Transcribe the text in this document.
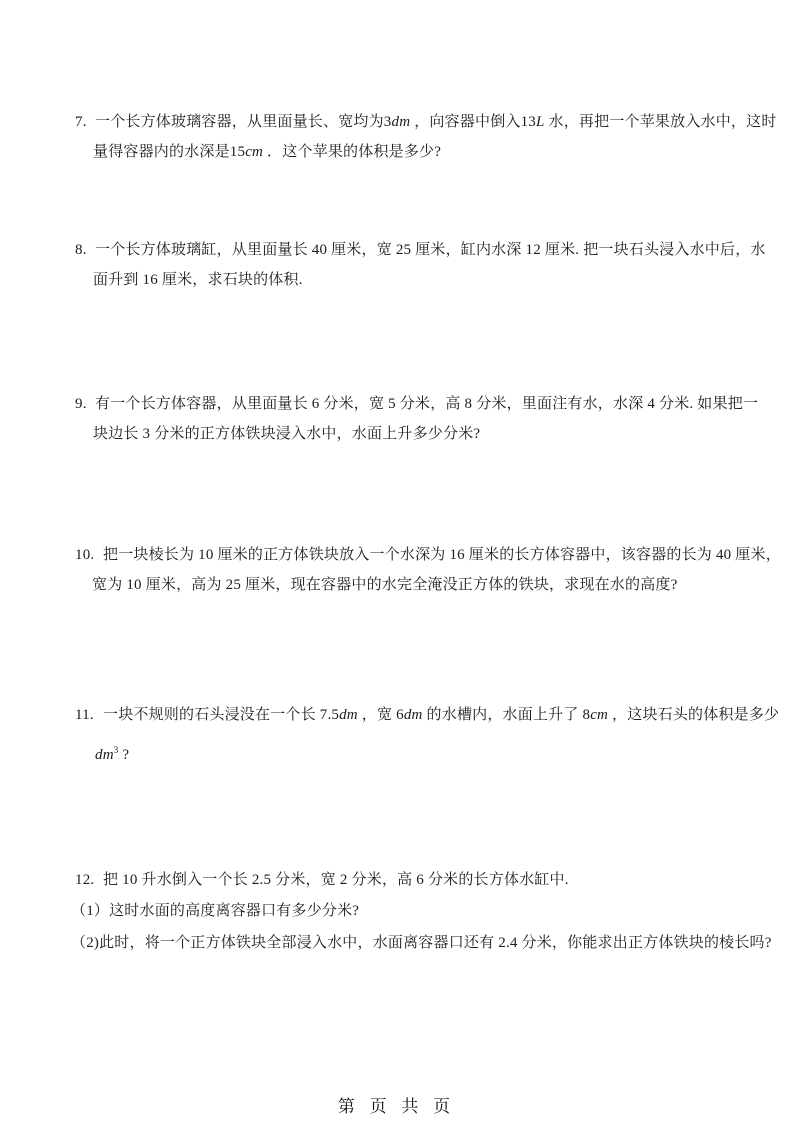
7. 一个长方体玻璃容器，从里面量长、宽均为3dm ，向容器中倒入13L 水，再把一个苹果放入水中，这时
量得容器内的水深是15cm ．这个苹果的体积是多少?
8. 一个长方体玻璃缸，从里面量长 40 厘米，宽 25 厘米，缸内水深 12 厘米. 把一块石头浸入水中后，水
面升到 16 厘米，求石块的体积.
9. 有一个长方体容器，从里面量长 6 分米，宽 5 分米，高 8 分米，里面注有水，水深 4 分米. 如果把一
块边长 3 分米的正方体铁块浸入水中，水面上升多少分米?
10. 把一块棱长为 10 厘米的正方体铁块放入一个水深为 16 厘米的长方体容器中，该容器的长为 40 厘米，
宽为 10 厘米，高为 25 厘米，现在容器中的水完全淹没正方体的铁块，求现在水的高度?
11. 一块不规则的石头浸没在一个长 7.5dm ，宽 6dm 的水槽内，水面上升了 8cm ，这块石头的体积是多少
$dm^3$ ?
12. 把 10 升水倒入一个长 2.5 分米，宽 2 分米，高 6 分米的长方体水缸中.
（1）这时水面的高度离容器口有多少分米?
（2)此时，将一个正方体铁块全部浸入水中，水面离容器口还有 2.4 分米，你能求出正方体铁块的棱长吗?
第 页 共 页
